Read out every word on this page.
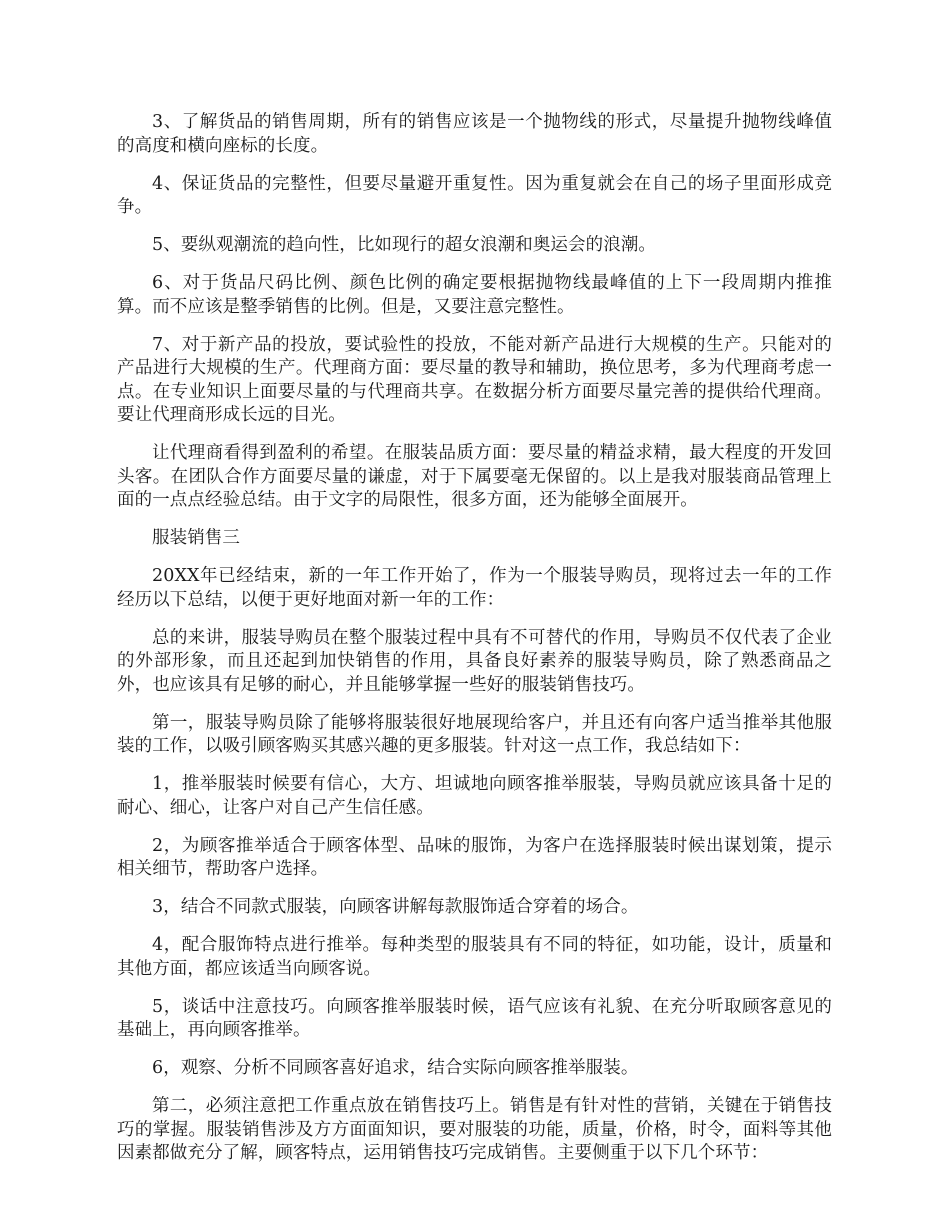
3、了解货品的销售周期，所有的销售应该是一个抛物线的形式，尽量提升抛物线峰值的高度和横向座标的长度。

4、保证货品的完整性，但要尽量避开重复性。因为重复就会在自己的场子里面形成竞争。

5、要纵观潮流的趋向性，比如现行的超女浪潮和奥运会的浪潮。

6、对于货品尺码比例、颜色比例的确定要根据抛物线最峰值的上下一段周期内推推算。而不应该是整季销售的比例。但是，又要注意完整性。

7、对于新产品的投放，要试验性的投放，不能对新产品进行大规模的生产。只能对的产品进行大规模的生产。代理商方面：要尽量的教导和辅助，换位思考，多为代理商考虑一点。在专业知识上面要尽量的与代理商共享。在数据分析方面要尽量完善的提供给代理商。要让代理商形成长远的目光。

让代理商看得到盈利的希望。在服装品质方面：要尽量的精益求精，最大程度的开发回头客。在团队合作方面要尽量的谦虚，对于下属要毫无保留的。以上是我对服装商品管理上面的一点点经验总结。由于文字的局限性，很多方面，还为能够全面展开。

服装销售三

20XX年已经结束，新的一年工作开始了，作为一个服装导购员，现将过去一年的工作经历以下总结，以便于更好地面对新一年的工作：

总的来讲，服装导购员在整个服装过程中具有不可替代的作用，导购员不仅代表了企业的外部形象，而且还起到加快销售的作用，具备良好素养的服装导购员，除了熟悉商品之外，也应该具有足够的耐心，并且能够掌握一些好的服装销售技巧。

第一，服装导购员除了能够将服装很好地展现给客户，并且还有向客户适当推举其他服装的工作，以吸引顾客购买其感兴趣的更多服装。针对这一点工作，我总结如下：

1，推举服装时候要有信心，大方、坦诚地向顾客推举服装，导购员就应该具备十足的耐心、细心，让客户对自己产生信任感。

2，为顾客推举适合于顾客体型、品味的服饰，为客户在选择服装时候出谋划策，提示相关细节，帮助客户选择。

3，结合不同款式服装，向顾客讲解每款服饰适合穿着的场合。

4，配合服饰特点进行推举。每种类型的服装具有不同的特征，如功能，设计，质量和其他方面，都应该适当向顾客说。

5，谈话中注意技巧。向顾客推举服装时候，语气应该有礼貌、在充分听取顾客意见的基础上，再向顾客推举。

6，观察、分析不同顾客喜好追求，结合实际向顾客推举服装。

第二，必须注意把工作重点放在销售技巧上。销售是有针对性的营销，关键在于销售技巧的掌握。服装销售涉及方方面面知识，要对服装的功能，质量，价格，时令，面料等其他因素都做充分了解，顾客特点，运用销售技巧完成销售。主要侧重于以下几个环节：
